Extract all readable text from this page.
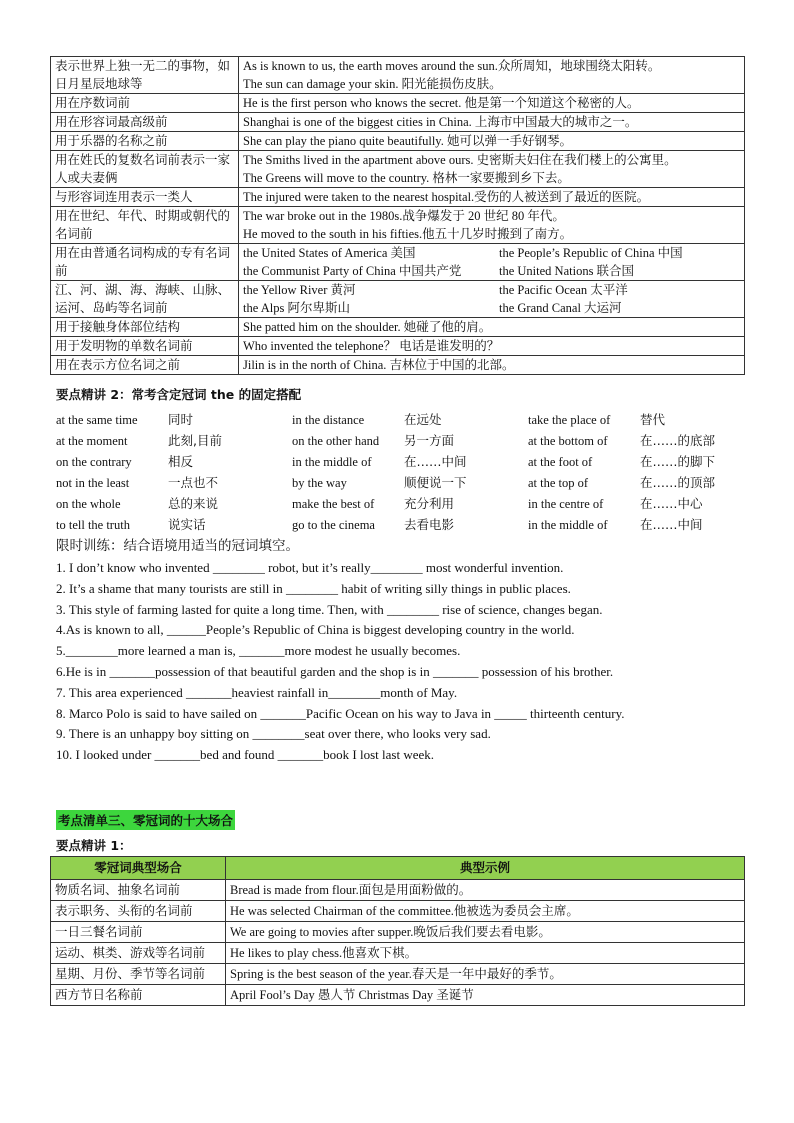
表示世界上独一无二的事物，如日月星辰地球等	As is known to us, the earth moves around the sun.众所周知，地球围绕太阳转。
The sun can damage your skin. 阳光能损伤皮肤。

用在序数词前	He is the first person who knows the secret. 他是第一个知道这个秘密的人。

用在形容词最高级前	Shanghai is one of the biggest cities in China. 上海市中国最大的城市之一。

用于乐器的名称之前	She can play the piano quite beautifully. 她可以弹一手好钢琴。

用在姓氏的复数名词前表示一家人或夫妻俩	The Smiths lived in the apartment above ours. 史密斯夫妇住在我们楼上的公寓里。
The Greens will move to the country. 格林一家要搬到乡下去。

与形容词连用表示一类人	The injured were taken to the nearest hospital.受伤的人被送到了最近的医院。

用在世纪、年代、时期或朝代的名词前	The war broke out in the 1980s.战争爆发于 20 世纪 80 年代。
He moved to the south in his fifties.他五十几岁时搬到了南方。

用在由普通名词构成的专有名词前	the United States of America 美国 the People’s Republic of China 中国
the Communist Party of China 中国共产党 the United Nations 联合国

江、河、湖、海、海峡、山脉、运河、岛屿等名词前	the Yellow River 黄河 the Pacific Ocean 太平洋
the Alps 阿尔卑斯山 the Grand Canal 大运河

用于接触身体部位结构	She patted him on the shoulder. 她碰了他的肩。

用于发明物的单数名词前	Who invented the telephone？ 电话是谁发明的？

用在表示方位名词之前	Jilin is in the north of China. 吉林位于中国的北部。
要点精讲 2：常考含定冠词 the 的固定搭配
at the same time	同时	in the distance	在远处	take the place of	替代
at the moment	此刻,目前	on the other hand	另一方面	at the bottom of	在……的底部
on the contrary	相反	in the middle of	在……中间	at the foot of	在……的脚下
not in the least	一点也不	by the way	顺便说一下	at the top of	在……的顶部
on the whole	总的来说	make the best of	充分利用	in the centre of	在……中心
to tell the truth	说实话	go to the cinema	去看电影	in the middle of	在……中间
限时训练：结合语境用适当的冠词填空。
1. I don’t know who invented ________ robot, but it’s really________ most wonderful invention.
2. It’s a shame that many tourists are still in ________ habit of writing silly things in public places.
3. This style of farming lasted for quite a long time. Then, with ________ rise of science, changes began.
4.As is known to all, ______People’s Republic of China is biggest developing country in the world.
5.________more learned a man is, _______more modest he usually becomes.
6.He is in _______possession of that beautiful garden and the shop is in _______ possession of his brother.
7. This area experienced _______heaviest rainfall in________month of May.
8. Marco Polo is said to have sailed on _______Pacific Ocean on his way to Java in _____ thirteenth century.
9. There is an unhappy boy sitting on ________seat over there, who looks very sad.
10. I looked under _______bed and found _______book I lost last week.
考点清单三、零冠词的十大场合
要点精讲 1：
零冠词典型场合	典型示例
物质名词、抽象名词前	Bread is made from flour.面包是用面粉做的。
表示职务、头衔的名词前	He was selected Chairman of the committee.他被选为委员会主席。
一日三餐名词前	We are going to movies after supper.晚饭后我们要去看电影。
运动、棋类、游戏等名词前	He likes to play chess.他喜欢下棋。
星期、月份、季节等名词前	Spring is the best season of the year.春天是一年中最好的季节。
西方节日名称前	April Fool’s Day 愚人节 Christmas Day 圣诞节
